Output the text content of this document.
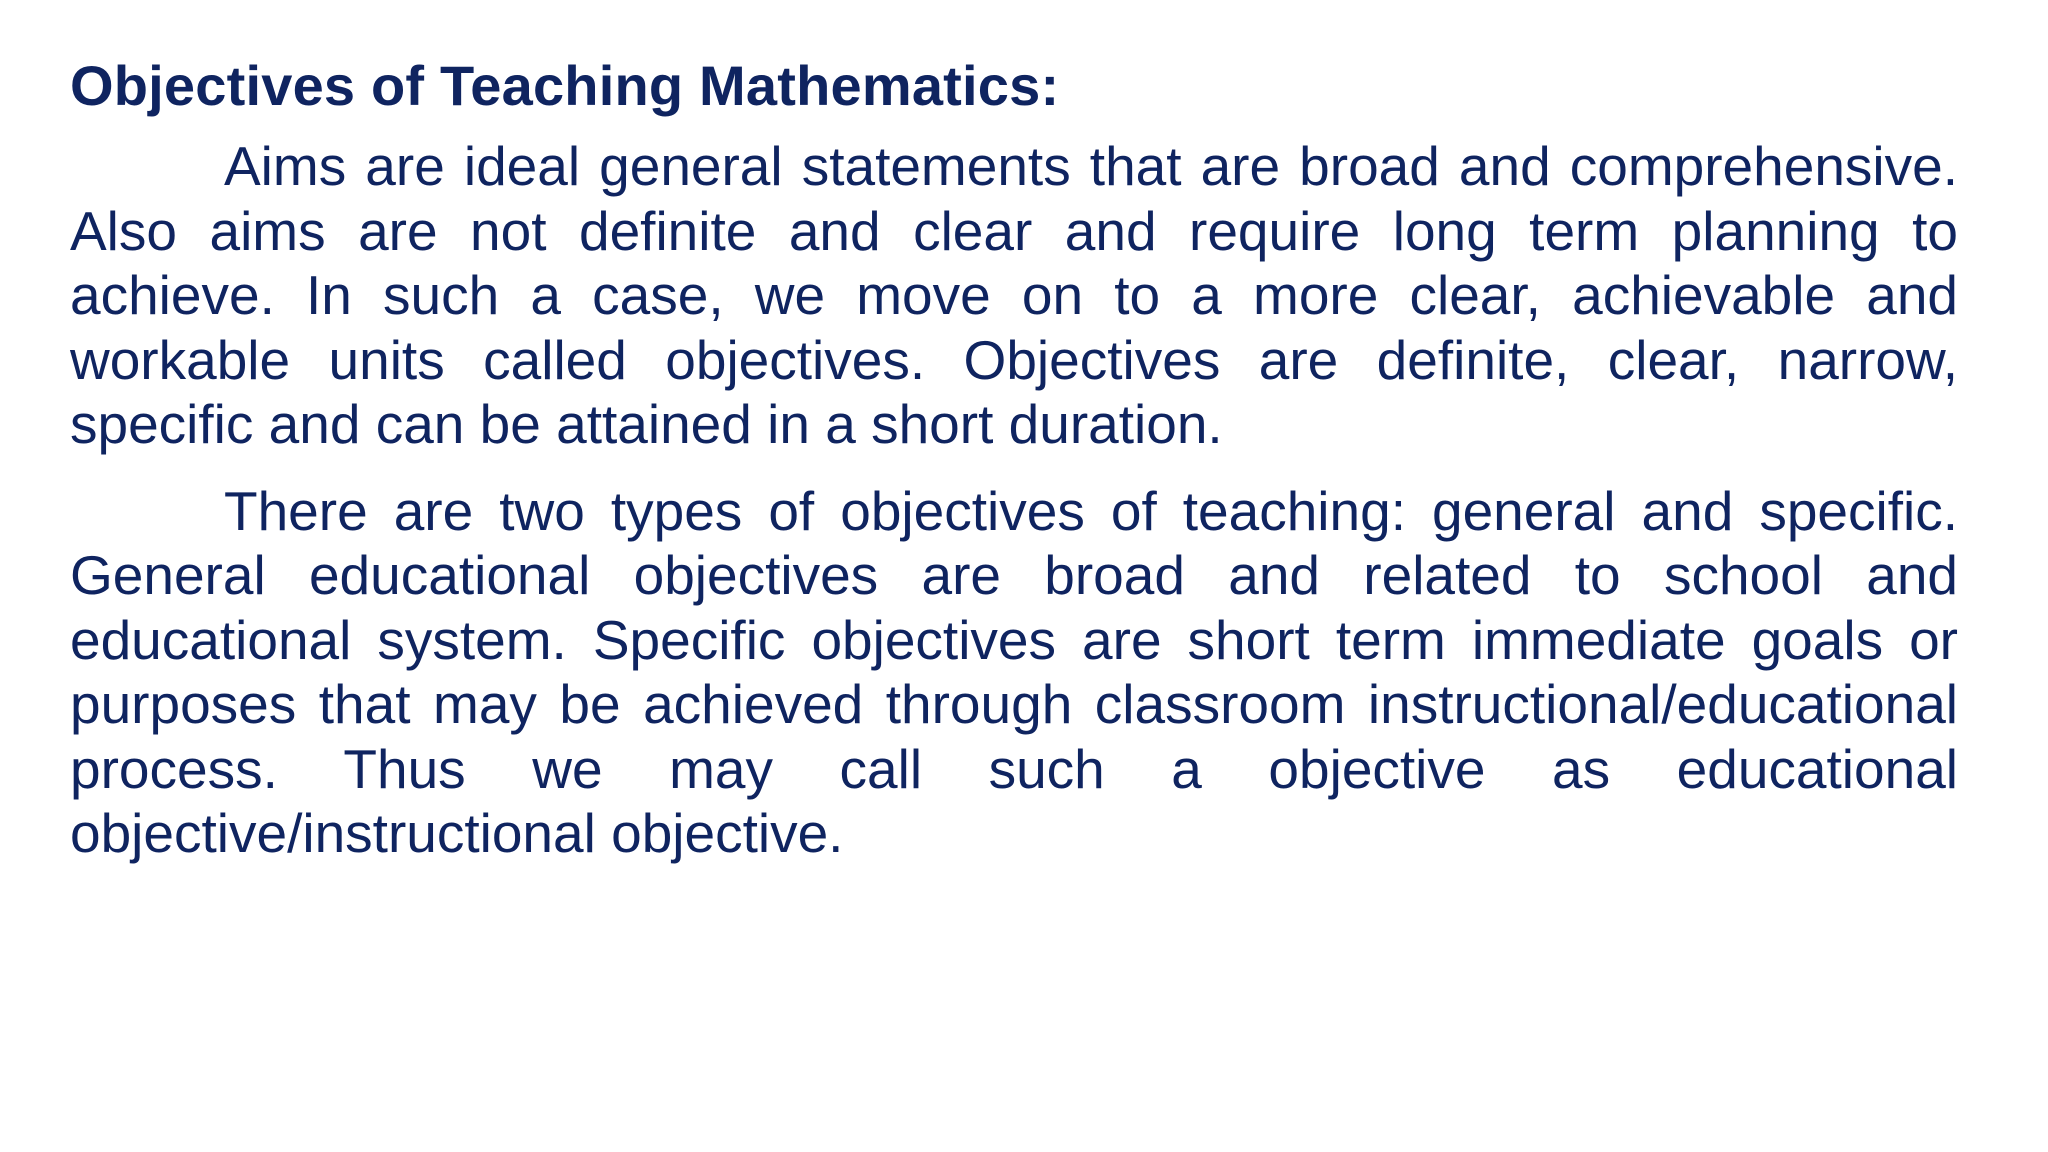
Objectives of Teaching Mathematics:

Aims are ideal general statements that are broad and comprehensive. Also aims are not definite and clear and require long term planning to achieve. In such a case, we move on to a more clear, achievable and workable units called objectives. Objectives are definite, clear, narrow, specific and can be attained in a short duration.

There are two types of objectives of teaching: general and specific. General educational objectives are broad and related to school and educational system. Specific objectives are short term immediate goals or purposes that may be achieved through classroom instructional/educational process. Thus we may call such a objective as educational objective/instructional objective.
